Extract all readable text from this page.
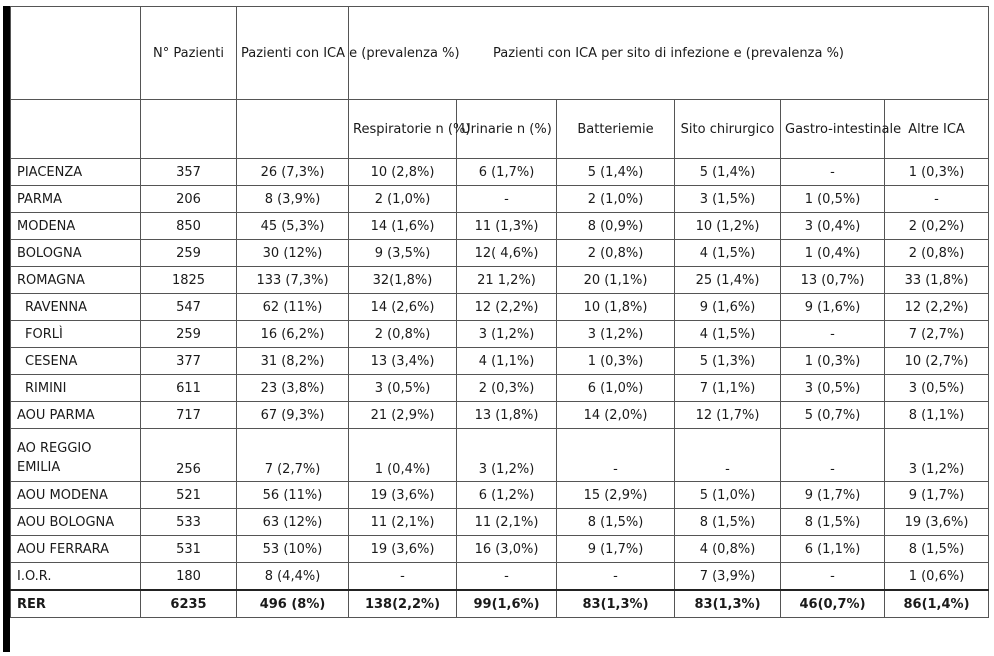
	N° Pazienti	Pazienti con ICA e (prevalenza %)	Pazienti con ICA per sito di infezione e (prevalenza %)					
			Respiratorie n (%)	Urinarie n (%)	Batteriemie	Sito chirurgico	Gastro-intestinale	Altre ICA
PIACENZA	357	26 (7,3%)	10 (2,8%)	6 (1,7%)	5 (1,4%)	5 (1,4%)	-	1 (0,3%)
PARMA	206	8 (3,9%)	2 (1,0%)	-	2 (1,0%)	3 (1,5%)	1 (0,5%)	-
MODENA	850	45 (5,3%)	14 (1,6%)	11 (1,3%)	8 (0,9%)	10 (1,2%)	3 (0,4%)	2 (0,2%)
BOLOGNA	259	30 (12%)	9 (3,5%)	12( 4,6%)	2 (0,8%)	4 (1,5%)	1 (0,4%)	2 (0,8%)
ROMAGNA	1825	133 (7,3%)	32(1,8%)	21 1,2%)	20 (1,1%)	25 (1,4%)	13 (0,7%)	33 (1,8%)
RAVENNA	547	62 (11%)	14 (2,6%)	12 (2,2%)	10 (1,8%)	9 (1,6%)	9 (1,6%)	12 (2,2%)
FORLÌ	259	16 (6,2%)	2 (0,8%)	3 (1,2%)	3 (1,2%)	4 (1,5%)	-	7 (2,7%)
CESENA	377	31 (8,2%)	13 (3,4%)	4 (1,1%)	1 (0,3%)	5 (1,3%)	1 (0,3%)	10 (2,7%)
RIMINI	611	23 (3,8%)	3 (0,5%)	2 (0,3%)	6 (1,0%)	7 (1,1%)	3 (0,5%)	3 (0,5%)
AOU PARMA	717	67 (9,3%)	21 (2,9%)	13 (1,8%)	14 (2,0%)	12 (1,7%)	5 (0,7%)	8 (1,1%)
AO REGGIO EMILIA	256	7 (2,7%)	1 (0,4%)	3 (1,2%)	-	-	-	3 (1,2%)
AOU MODENA	521	56 (11%)	19 (3,6%)	6 (1,2%)	15 (2,9%)	5 (1,0%)	9 (1,7%)	9 (1,7%)
AOU BOLOGNA	533	63 (12%)	11 (2,1%)	11 (2,1%)	8 (1,5%)	8 (1,5%)	8 (1,5%)	19 (3,6%)
AOU FERRARA	531	53 (10%)	19 (3,6%)	16 (3,0%)	9 (1,7%)	4 (0,8%)	6 (1,1%)	8 (1,5%)
I.O.R.	180	8 (4,4%)	-	-	-	7 (3,9%)	-	1 (0,6%)
RER	6235	496 (8%)	138(2,2%)	99(1,6%)	83(1,3%)	83(1,3%)	46(0,7%)	86(1,4%)
